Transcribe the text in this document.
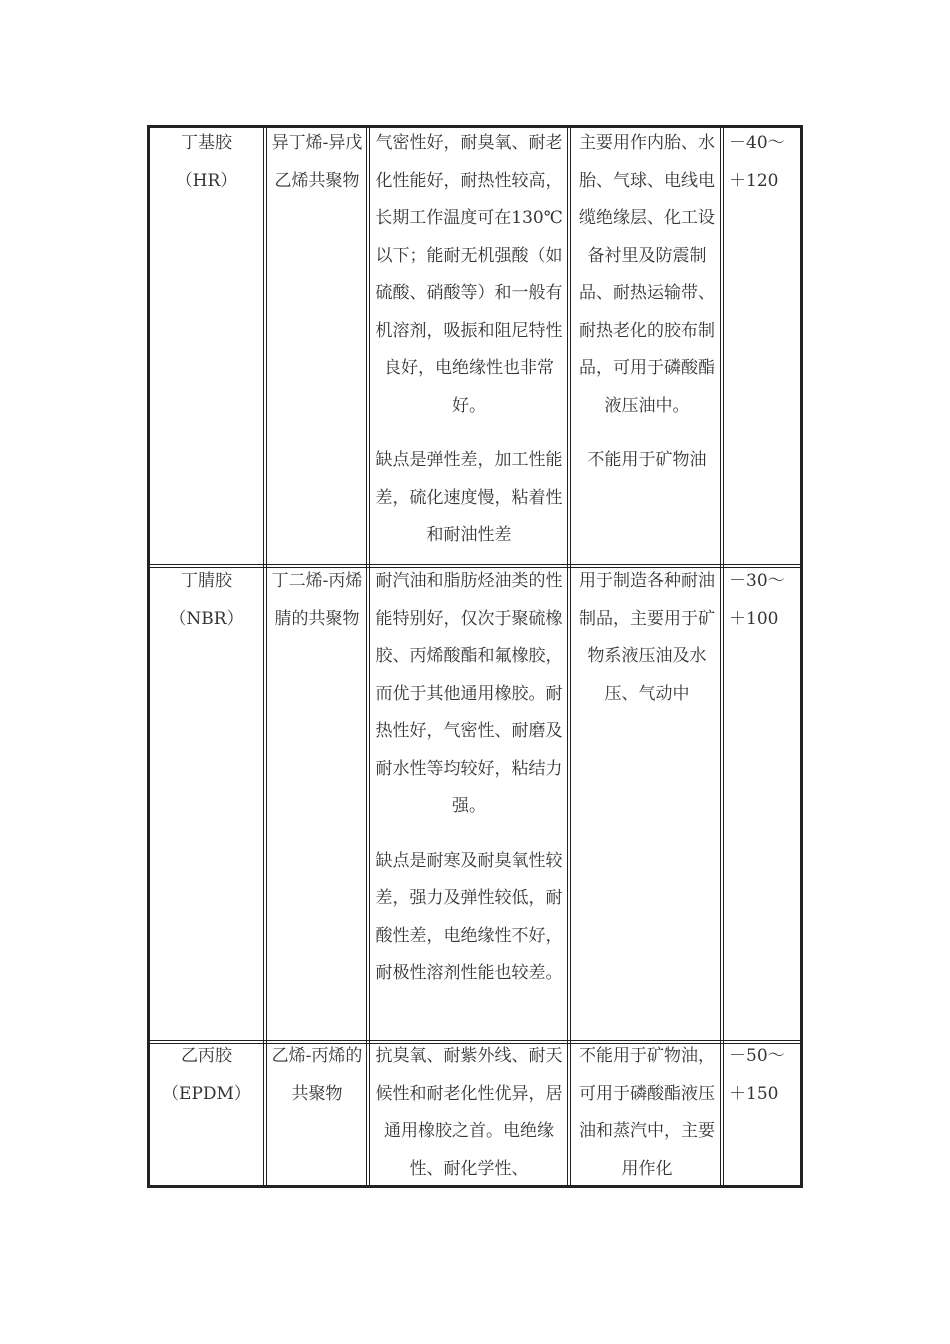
丁基胶
（HR）
异丁烯-异戊乙烯共聚物

气密性好，耐臭氧、耐老化性能好，耐热性较高，长期工作温度可在130℃以下；能耐无机强酸（如硫酸、硝酸等）和一般有机溶剂，吸振和阻尼特性良好，电绝缘性也非常好。

缺点是弹性差，加工性能差，硫化速度慢，粘着性和耐油性差

主要用作内胎、水胎、气球、电线电缆绝缘层、化工设备衬里及防震制品、耐热运输带、耐热老化的胶布制品，可用于磷酸酯液压油中。

不能用于矿物油

－40～
＋120
丁腈胶
（NBR）
丁二烯-丙烯腈的共聚物

耐汽油和脂肪烃油类的性能特别好，仅次于聚硫橡胶、丙烯酸酯和氟橡胶，而优于其他通用橡胶。耐热性好，气密性、耐磨及耐水性等均较好，粘结力强。

缺点是耐寒及耐臭氧性较差，强力及弹性较低，耐酸性差，电绝缘性不好，耐极性溶剂性能也较差。

用于制造各种耐油制品，主要用于矿物系液压油及水压、气动中

－30～
＋100
乙丙胶
（EPDM）
乙烯-丙烯的共聚物

抗臭氧、耐紫外线、耐天候性和耐老化性优异，居通用橡胶之首。电绝缘性、耐化学性、

不能用于矿物油，可用于磷酸酯液压油和蒸汽中，主要用作化

－50～
＋150
